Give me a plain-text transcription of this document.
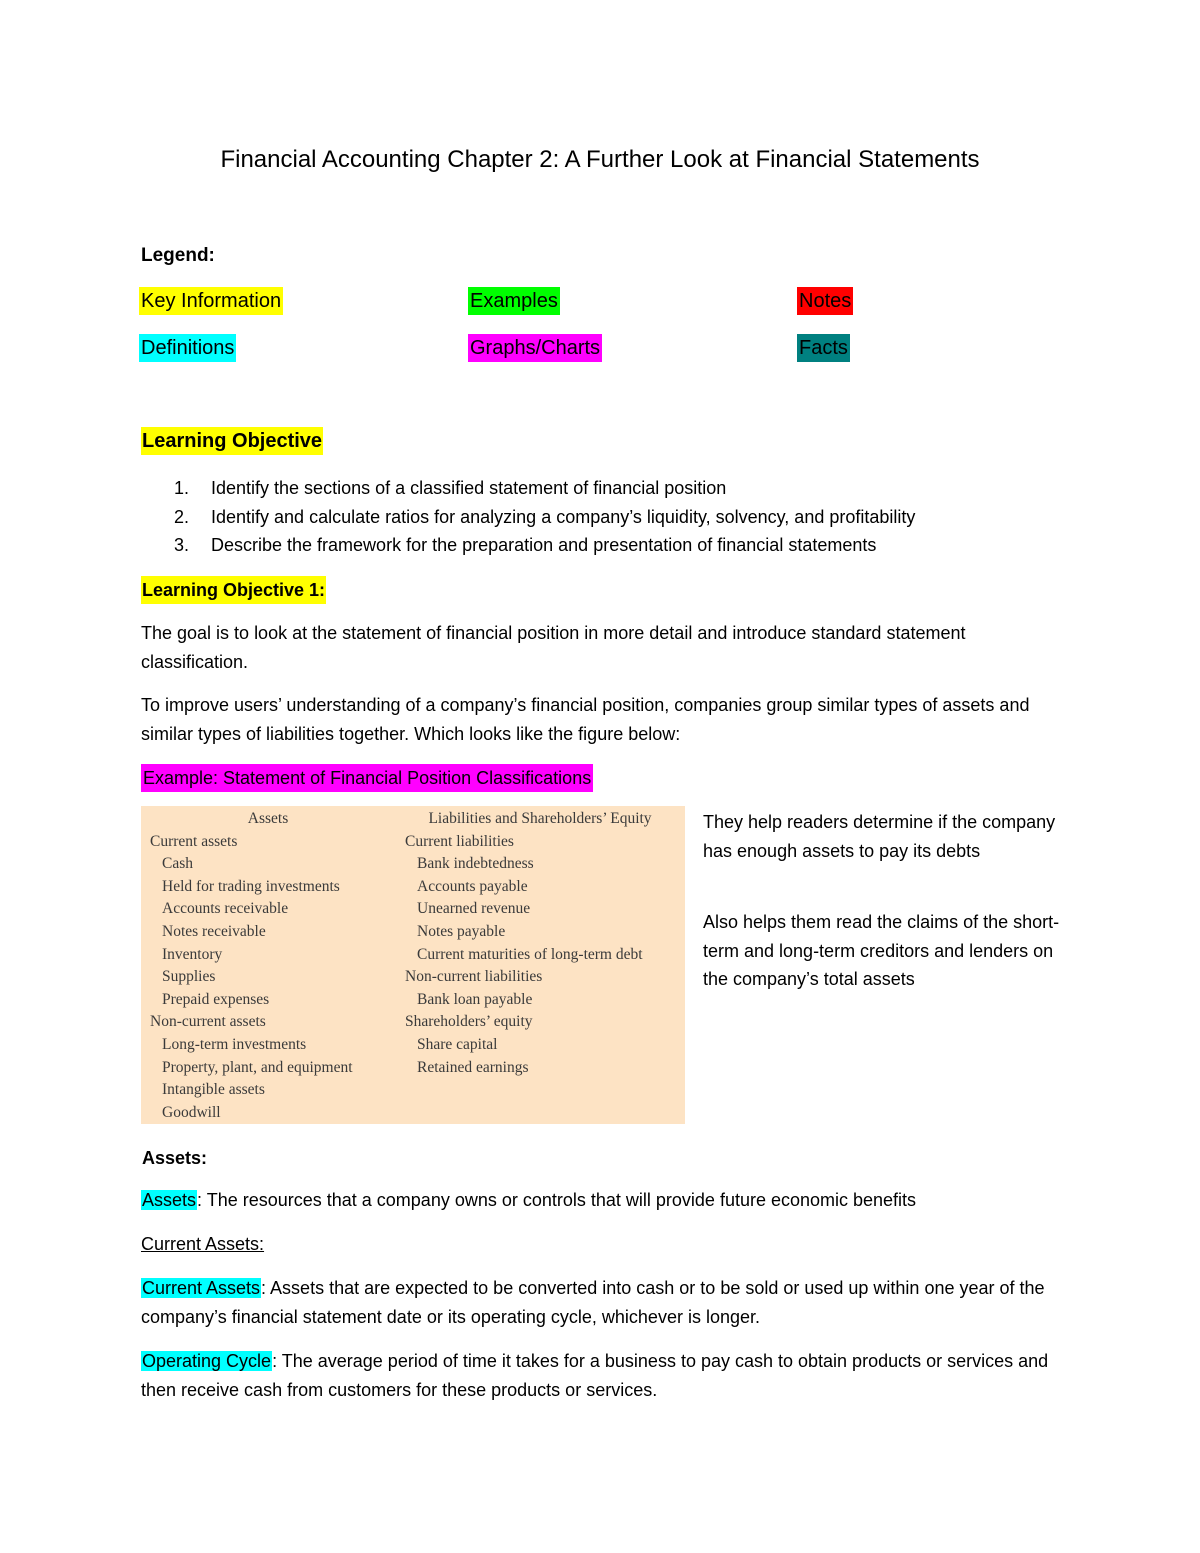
Financial Accounting Chapter 2: A Further Look at Financial Statements
Legend:
Key Information	Examples	Notes
Definitions	Graphs/Charts	Facts
Learning Objective
1. Identify the sections of a classified statement of financial position
2. Identify and calculate ratios for analyzing a company’s liquidity, solvency, and profitability
3. Describe the framework for the preparation and presentation of financial statements
Learning Objective 1:

The goal is to look at the statement of financial position in more detail and introduce standard statement classification.

To improve users’ understanding of a company’s financial position, companies group similar types of assets and similar types of liabilities together. Which looks like the figure below:

Example: Statement of Financial Position Classifications
Assets
Current assets
Cash
Held for trading investments
Accounts receivable
Notes receivable
Inventory
Supplies
Prepaid expenses
Non-current assets
Long-term investments
Property, plant, and equipment
Intangible assets
Goodwill
Liabilities and Shareholders’ Equity
Current liabilities
Bank indebtedness
Accounts payable
Unearned revenue
Notes payable
Current maturities of long-term debt
Non-current liabilities
Bank loan payable
Shareholders’ equity
Share capital
Retained earnings

They help readers determine if the company has enough assets to pay its debts

Also helps them read the claims of the short-term and long-term creditors and lenders on the company’s total assets

Assets:

Assets: The resources that a company owns or controls that will provide future economic benefits

Current Assets:

Current Assets: Assets that are expected to be converted into cash or to be sold or used up within one year of the company’s financial statement date or its operating cycle, whichever is longer.

Operating Cycle: The average period of time it takes for a business to pay cash to obtain products or services and then receive cash from customers for these products or services.
